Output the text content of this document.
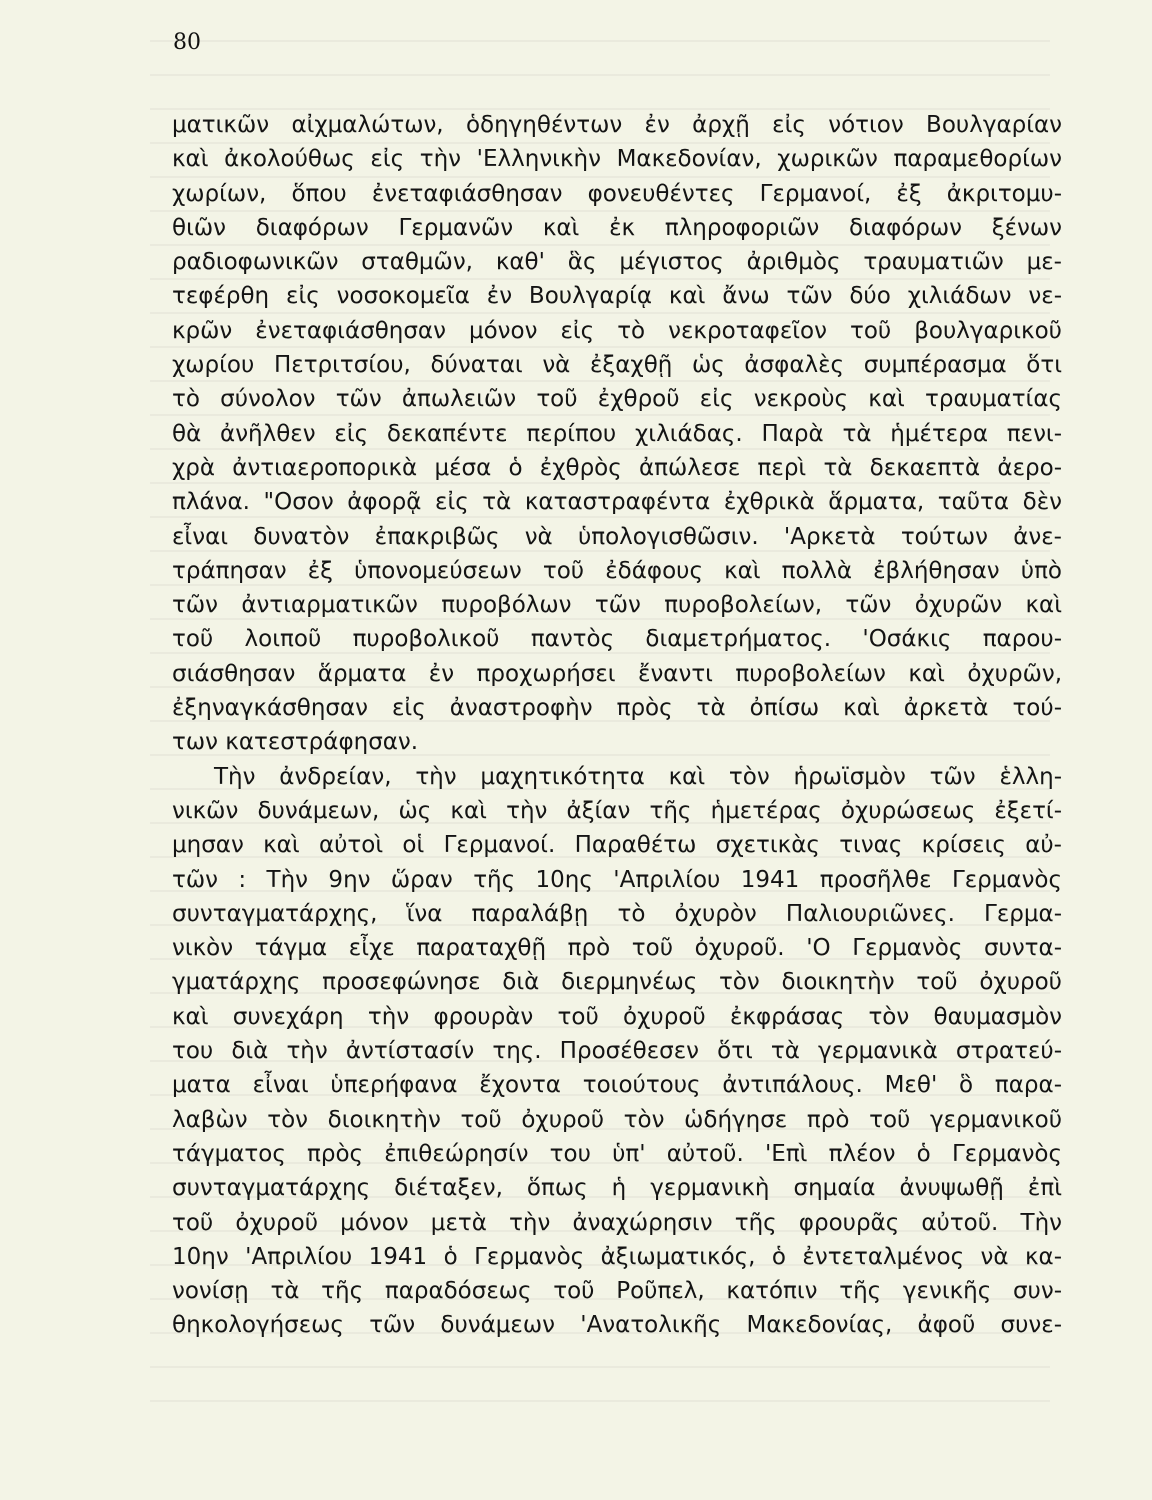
80
ματικῶν αἰχμαλώτων, ὁδηγηθέντων ἐν ἀρχῇ εἰς νότιον Βουλγαρίαν
καὶ ἀκολούθως εἰς τὴν 'Ελληνικὴν Μακεδονίαν, χωρικῶν παραμεθορίων
χωρίων, ὅπου ἐνεταφιάσθησαν φονευθέντες Γερμανοί, ἐξ ἀκριτομυ-
θιῶν διαφόρων Γερμανῶν καὶ ἐκ πληροφοριῶν διαφόρων ξένων
ραδιοφωνικῶν σταθμῶν, καθ' ἃς μέγιστος ἀριθμὸς τραυματιῶν με-
τεφέρθη εἰς νοσοκομεῖα ἐν Βουλγαρίᾳ καὶ ἄνω τῶν δύο χιλιάδων νε-
κρῶν ἐνεταφιάσθησαν μόνον εἰς τὸ νεκροταφεῖον τοῦ βουλγαρικοῦ
χωρίου Πετριτσίου, δύναται νὰ ἐξαχθῇ ὡς ἀσφαλὲς συμπέρασμα ὅτι
τὸ σύνολον τῶν ἀπωλειῶν τοῦ ἐχθροῦ εἰς νεκροὺς καὶ τραυματίας
θὰ ἀνῆλθεν εἰς δεκαπέντε περίπου χιλιάδας. Παρὰ τὰ ἡμέτερα πενι-
χρὰ ἀντιαεροπορικὰ μέσα ὁ ἐχθρὸς ἀπώλεσε περὶ τὰ δεκαεπτὰ ἀερο-
πλάνα. "Οσον ἀφορᾷ εἰς τὰ καταστραφέντα ἐχθρικὰ ἅρματα, ταῦτα δὲν
εἶναι δυνατὸν ἐπακριβῶς νὰ ὑπολογισθῶσιν. 'Αρκετὰ τούτων ἀνε-
τράπησαν ἐξ ὑπονομεύσεων τοῦ ἐδάφους καὶ πολλὰ ἐβλήθησαν ὑπὸ
τῶν ἀντιαρματικῶν πυροβόλων τῶν πυροβολείων, τῶν ὀχυρῶν καὶ
τοῦ λοιποῦ πυροβολικοῦ παντὸς διαμετρήματος. 'Οσάκις παρου-
σιάσθησαν ἅρματα ἐν προχωρήσει ἔναντι πυροβολείων καὶ ὀχυρῶν,
ἐξηναγκάσθησαν εἰς ἀναστροφὴν πρὸς τὰ ὀπίσω καὶ ἀρκετὰ τού-
των κατεστράφησαν.
Τὴν ἀνδρείαν, τὴν μαχητικότητα καὶ τὸν ἡρωϊσμὸν τῶν ἑλλη-
νικῶν δυνάμεων, ὡς καὶ τὴν ἀξίαν τῆς ἡμετέρας ὀχυρώσεως ἐξετί-
μησαν καὶ αὐτοὶ οἱ Γερμανοί. Παραθέτω σχετικὰς τινας κρίσεις αὐ-
τῶν : Τὴν 9ην ὥραν τῆς 10ης 'Απριλίου 1941 προσῆλθε Γερμανὸς
συνταγματάρχης, ἵνα παραλάβῃ τὸ ὀχυρὸν Παλιουριῶνες. Γερμα-
νικὸν τάγμα εἶχε παραταχθῇ πρὸ τοῦ ὀχυροῦ. 'Ο Γερμανὸς συντα-
γματάρχης προσεφώνησε διὰ διερμηνέως τὸν διοικητὴν τοῦ ὀχυροῦ
καὶ συνεχάρη τὴν φρουρὰν τοῦ ὀχυροῦ ἐκφράσας τὸν θαυμασμὸν
του διὰ τὴν ἀντίστασίν της. Προσέθεσεν ὅτι τὰ γερμανικὰ στρατεύ-
ματα εἶναι ὑπερήφανα ἔχοντα τοιούτους ἀντιπάλους. Μεθ' ὃ παρα-
λαβὼν τὸν διοικητὴν τοῦ ὀχυροῦ τὸν ὡδήγησε πρὸ τοῦ γερμανικοῦ
τάγματος πρὸς ἐπιθεώρησίν του ὑπ' αὐτοῦ. 'Επὶ πλέον ὁ Γερμανὸς
συνταγματάρχης διέταξεν, ὅπως ἡ γερμανικὴ σημαία ἀνυψωθῇ ἐπὶ
τοῦ ὀχυροῦ μόνον μετὰ τὴν ἀναχώρησιν τῆς φρουρᾶς αὐτοῦ. Τὴν
10ην 'Απριλίου 1941 ὁ Γερμανὸς ἀξιωματικός, ὁ ἐντεταλμένος νὰ κα-
νονίσῃ τὰ τῆς παραδόσεως τοῦ Ροῦπελ, κατόπιν τῆς γενικῆς συν-
θηκολογήσεως τῶν δυνάμεων 'Ανατολικῆς Μακεδονίας, ἀφοῦ συνε-
